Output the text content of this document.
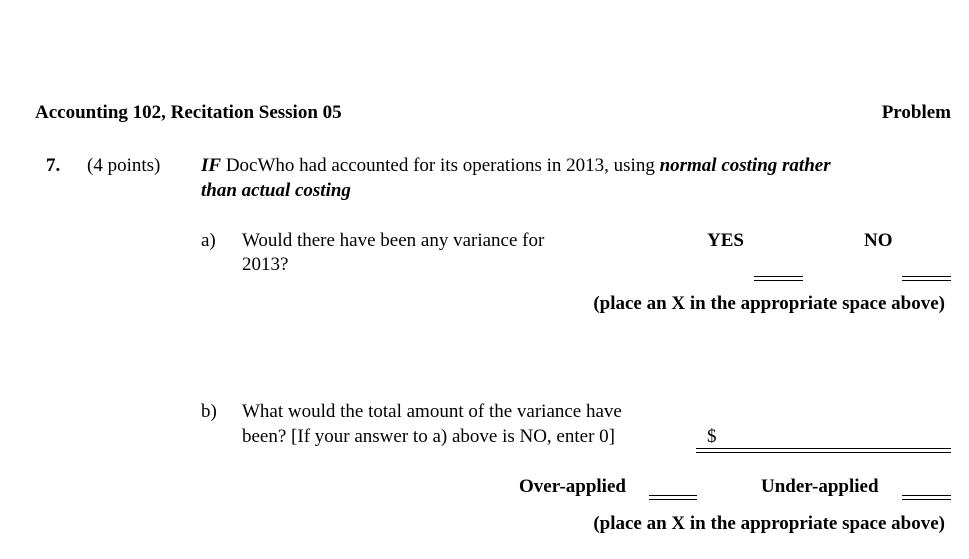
Accounting 102, Recitation Session 05	Problem
7. (4 points) IF DocWho had accounted for its operations in 2013, using normal costing rather
than actual costing
a) Would there have been any variance for
2013?
YES	NO
(place an X in the appropriate space above)
b) What would the total amount of the variance have
been? [If your answer to a) above is NO, enter 0]	$
Over-applied	Under-applied
(place an X in the appropriate space above)
